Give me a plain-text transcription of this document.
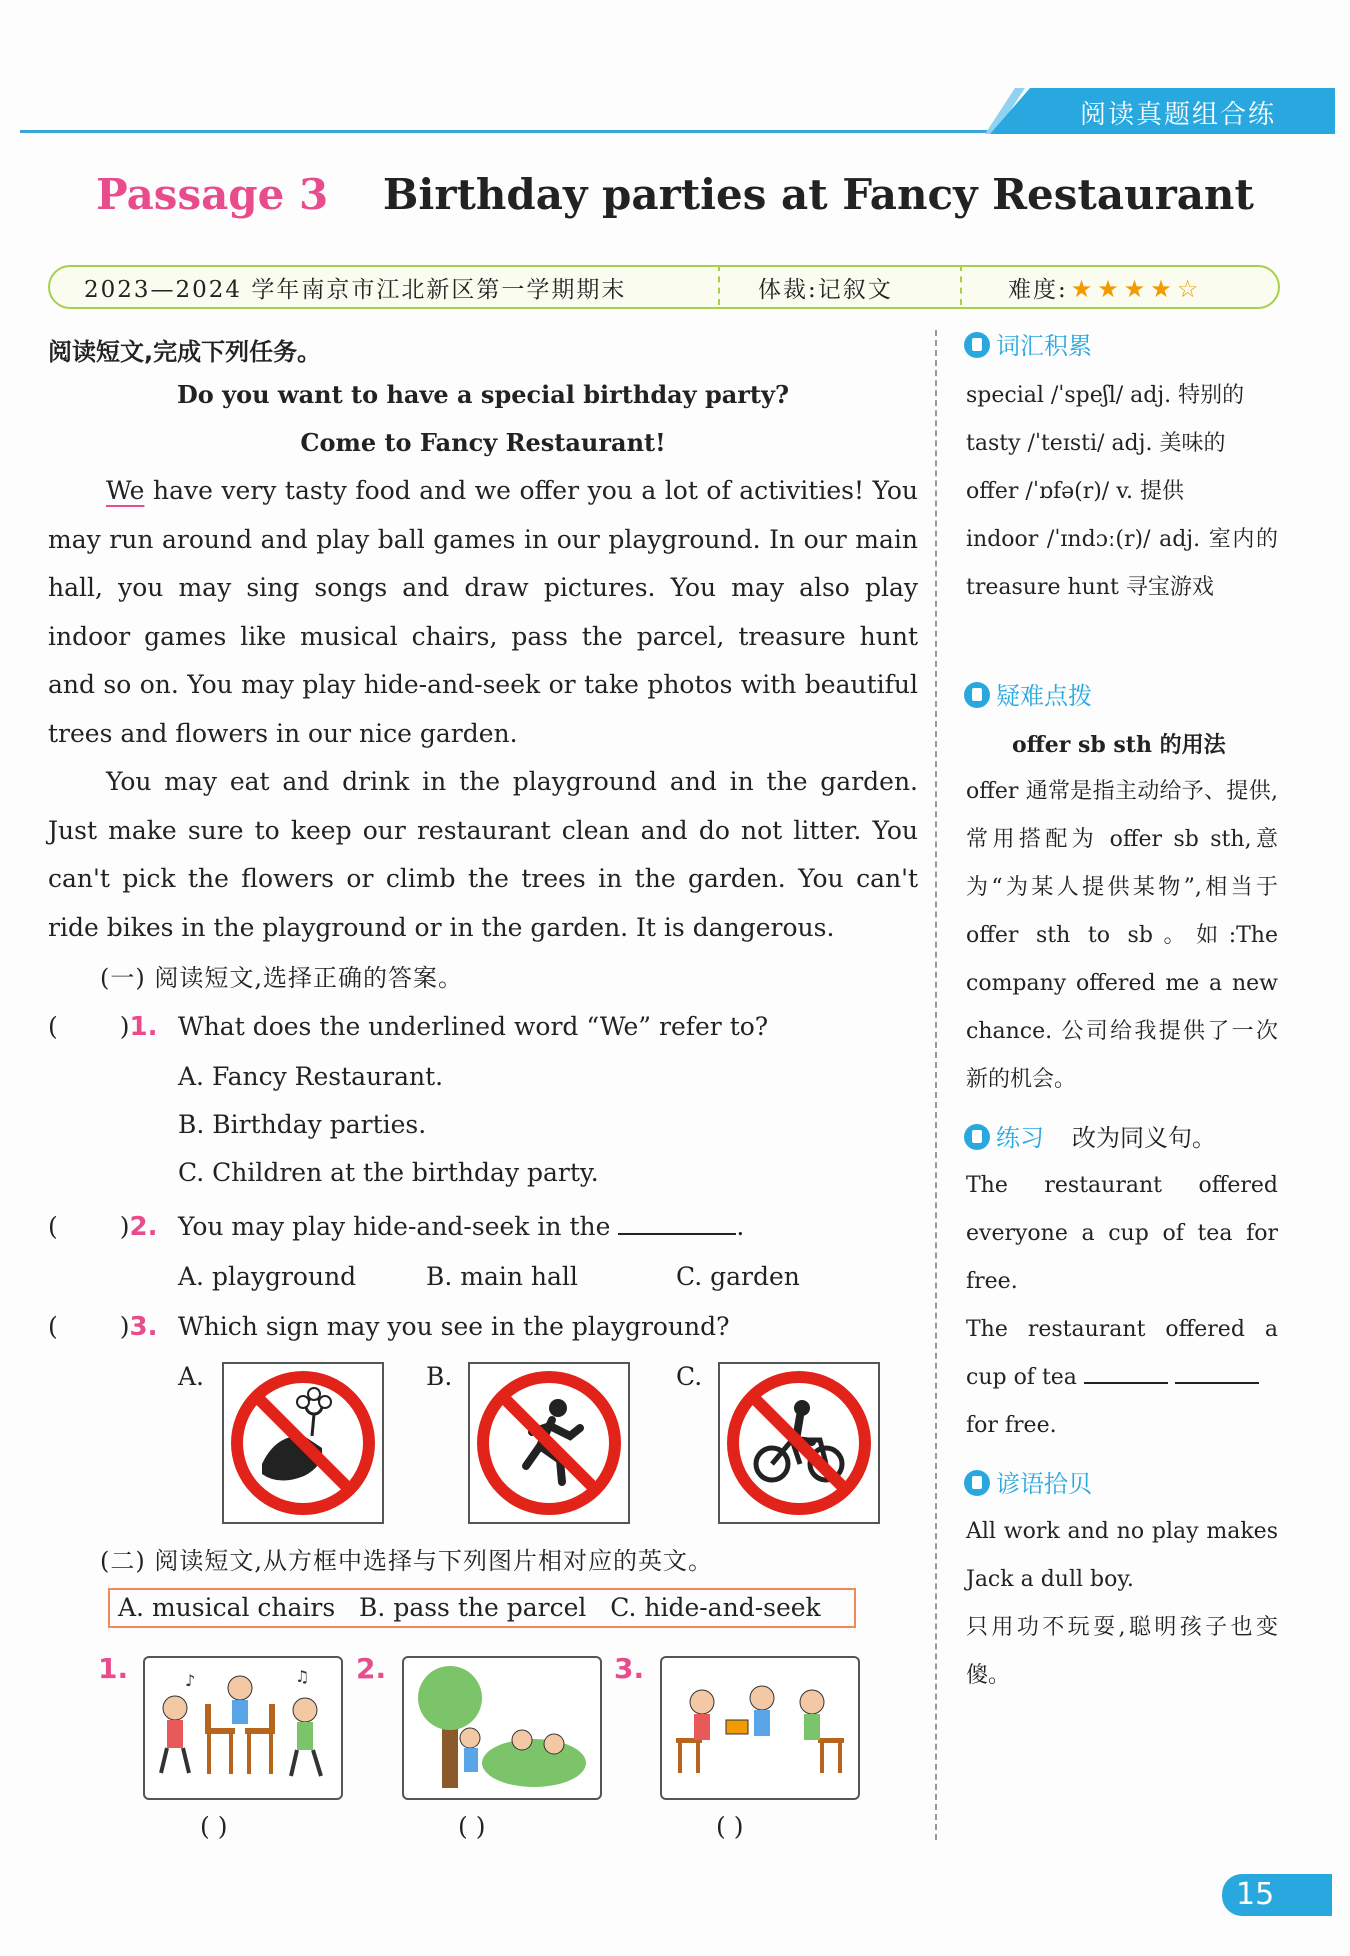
阅读真题组合练
Passage 3 Birthday parties at Fancy Restaurant
2023—2024 学年南京市江北新区第一学期期末	体裁:记叙文	难度: ★ ★ ★ ★ ☆
阅读短文,完成下列任务。
Do you want to have a special birthday party?
Come to Fancy Restaurant!

We have very tasty food and we offer you a lot of activities! You may run around and play ball games in our playground. In our main hall, you may sing songs and draw pictures. You may also play indoor games like musical chairs, pass the parcel, treasure hunt and so on. You may play hide-and-seek or take photos with beautiful trees and flowers in our nice garden.

You may eat and drink in the playground and in the garden. Just make sure to keep our restaurant clean and do not litter. You can't pick the flowers or climb the trees in the garden. You can't ride bikes in the playground or in the garden. It is dangerous.

(一) 阅读短文,选择正确的答案。
( )1. What does the underlined word “We” refer to?
A. Fancy Restaurant.
B. Birthday parties.
C. Children at the birthday party.
( )2. You may play hide-and-seek in the	.
A. playground	B. main hall	C. garden
( )3. Which sign may you see in the playground?
A.	B.	C.
(二) 阅读短文,从方框中选择与下列图片相对应的英文。
A. musical chairs   B. pass the parcel   C. hide-and-seek
1.	♪	♫
( )
2.
( )
3.
( )
词汇积累

special /ˈspeʃl/ adj. 特别的

tasty /ˈteɪsti/ adj. 美味的

offer /ˈɒfə(r)/ v. 提供

indoor /ˈɪndɔː(r)/ adj. 室内的 treasure hunt 寻宝游戏

疑难点拨
offer sb sth 的用法
offer 通常是指主动给予、提供,常用搭配为 offer sb sth,意为“为某人提供某物”,相当于 offer sth to sb。如:The company offered me a new chance. 公司给我提供了一次新的机会。
练习 改为同义句。
The restaurant offered everyone a cup of tea for free.

The restaurant offered a cup of tea

for free.

谚语拾贝
All work and no play makes Jack a dull boy.
只用功不玩耍,聪明孩子也变傻。
15
